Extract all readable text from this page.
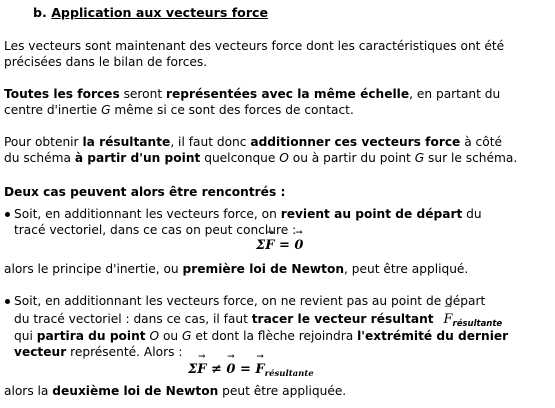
b. Application aux vecteurs force
Les vecteurs sont maintenant des vecteurs force dont les caractéristiques ont été
précisées dans le bilan de forces.
Toutes les forces seront représentées avec la même échelle, en partant du
centre d'inertie G même si ce sont des forces de contact.
Pour obtenir la résultante, il faut donc additionner ces vecteurs force à côté
du schéma à partir d'un point quelconque O ou à partir du point G sur le schéma.
Deux cas peuvent alors être rencontrés :
Soit, en additionnant les vecteurs force, on revient au point de départ du
tracé vectoriel, dans ce cas on peut conclure :
Σ→ F = → 0
alors le principe d'inertie, ou première loi de Newton, peut être appliqué.
Soit, en additionnant les vecteurs force, on ne revient pas au point de départ
du tracé vectoriel : dans ce cas, il faut tracer le vecteur résultant → $F_{résultante}$
qui partira du point O ou G et dont la flèche rejoindra l'extrémité du dernier
vecteur représenté. Alors :
Σ→ F ≠ → 0 = → $F_{résultante}$
alors la deuxième loi de Newton peut être appliquée.
